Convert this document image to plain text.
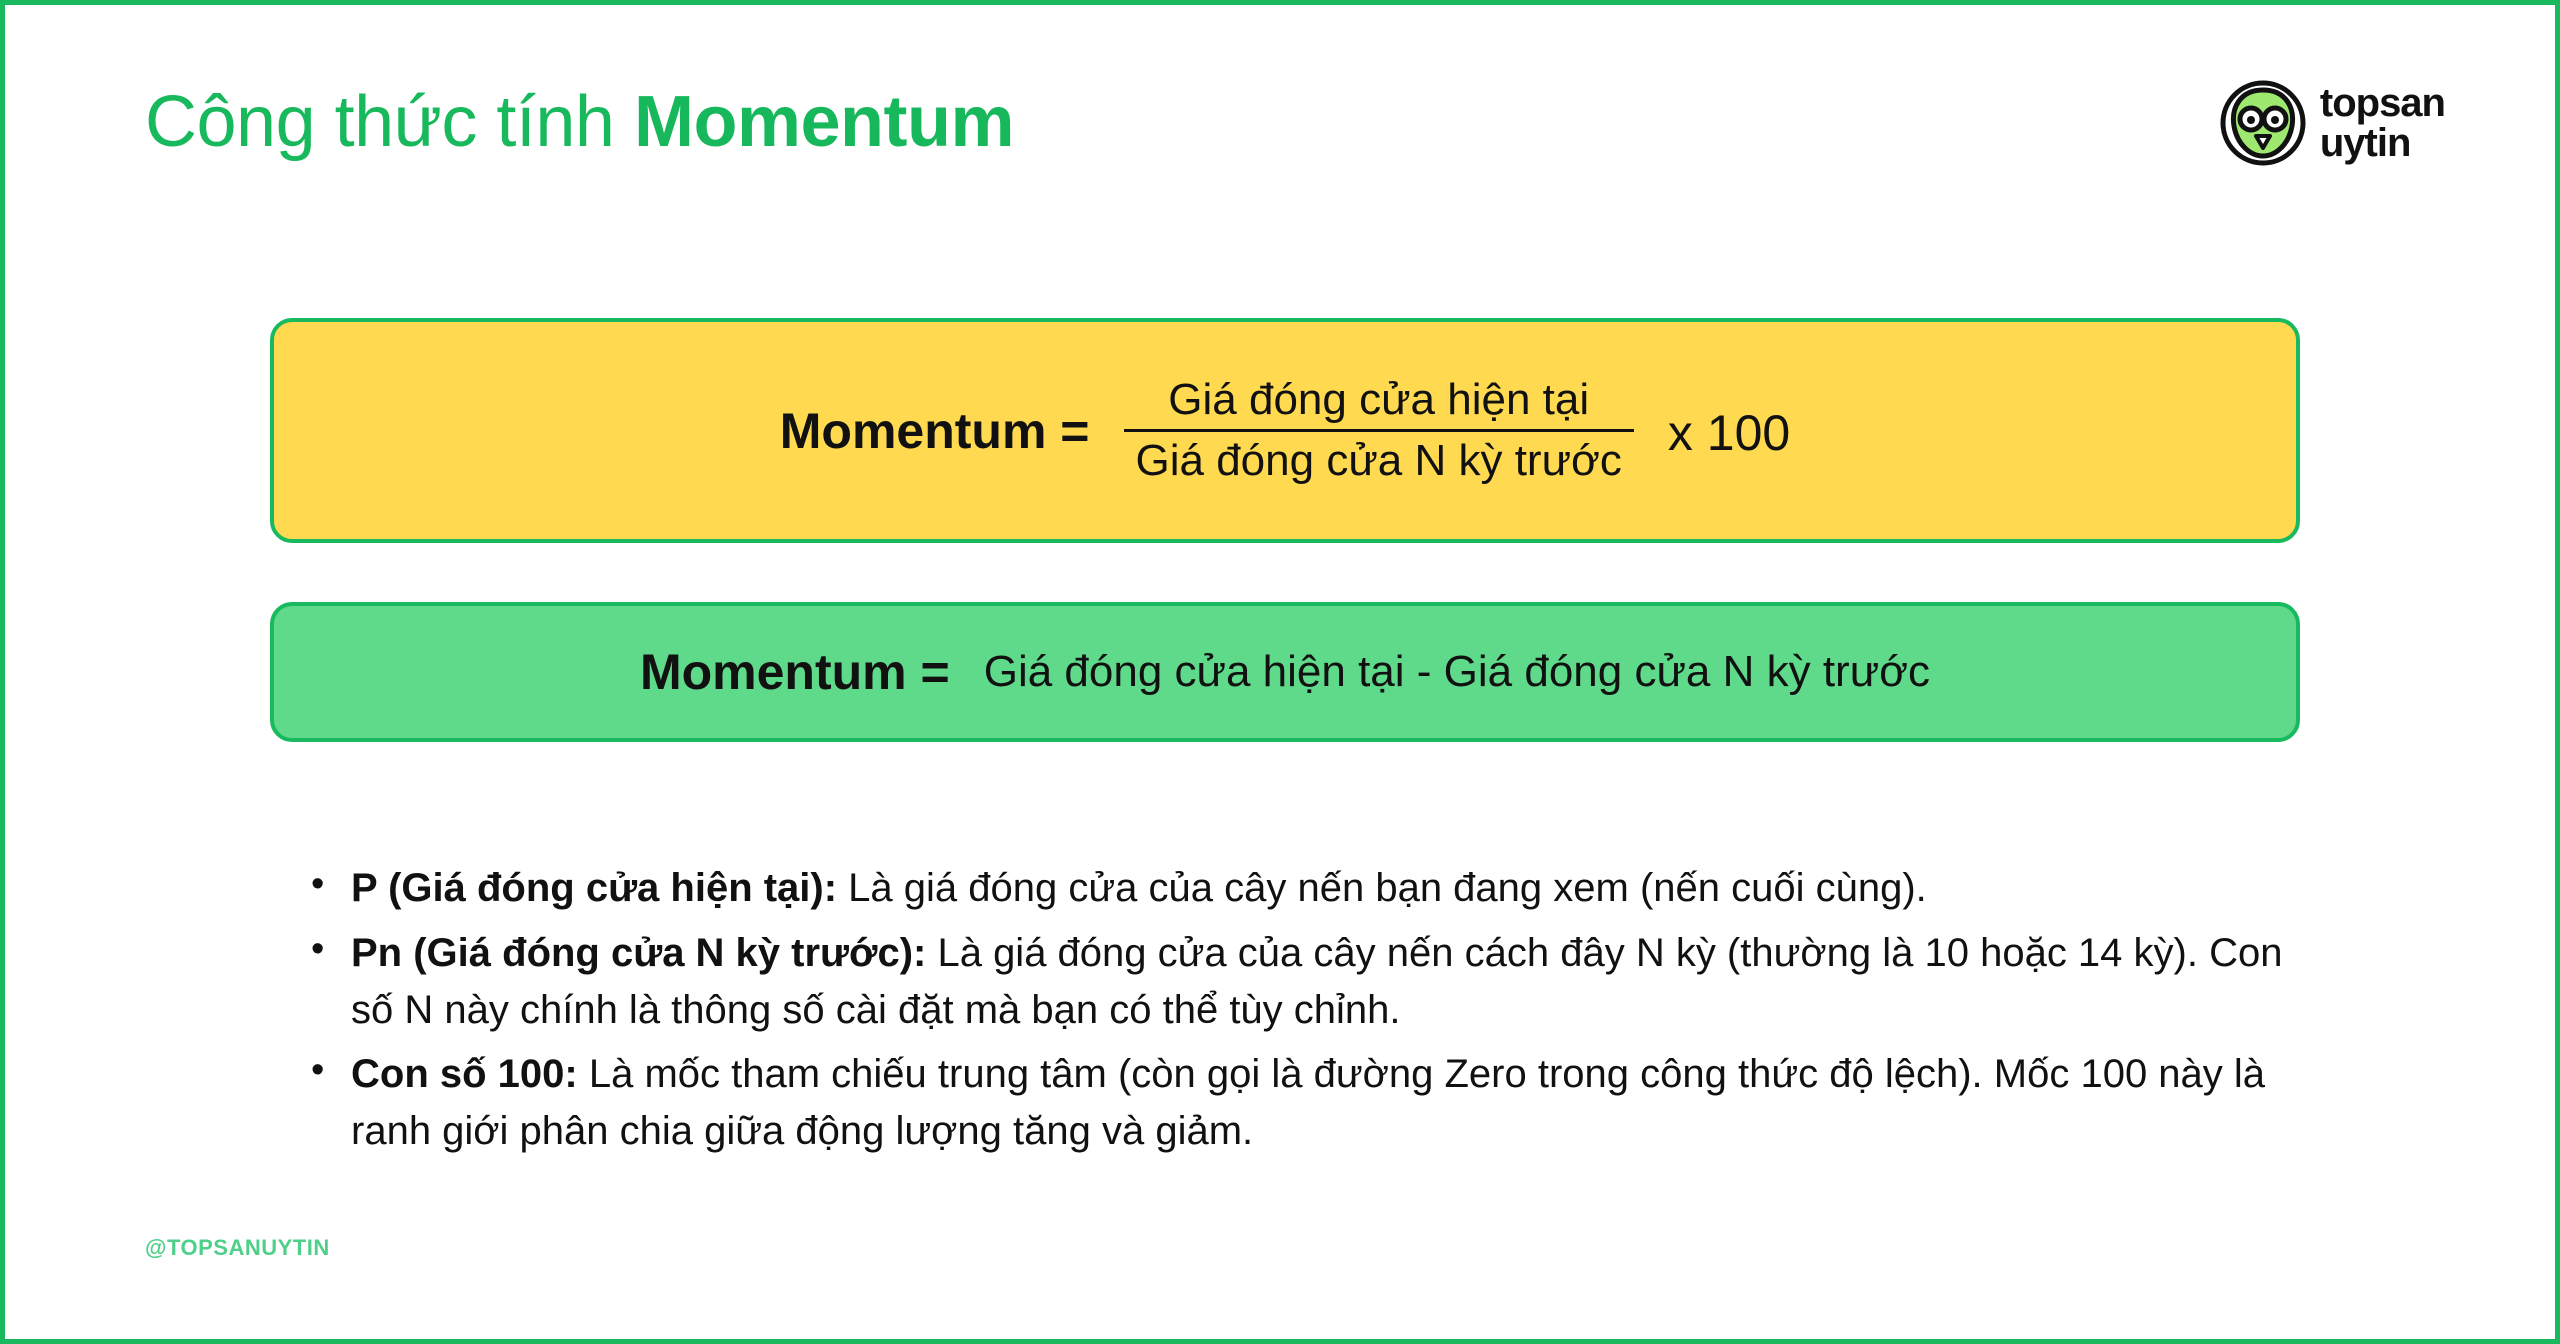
Công thức tính Momentum	topsan
uytin
Momentum = $\frac{\text{Giá đóng cửa hiện tại}}{\text{Giá đóng cửa N kỳ trước}}$ x 100
Momentum = Giá đóng cửa hiện tại - Giá đóng cửa N kỳ trước
• P (Giá đóng cửa hiện tại): Là giá đóng cửa của cây nến bạn đang xem (nến cuối cùng).
• Pn (Giá đóng cửa N kỳ trước): Là giá đóng cửa của cây nến cách đây N kỳ (thường là 10 hoặc 14 kỳ). Con số N này chính là thông số cài đặt mà bạn có thể tùy chỉnh.
• Con số 100: Là mốc tham chiếu trung tâm (còn gọi là đường Zero trong công thức độ lệch). Mốc 100 này là ranh giới phân chia giữa động lượng tăng và giảm.
@TOPSANUYTIN
